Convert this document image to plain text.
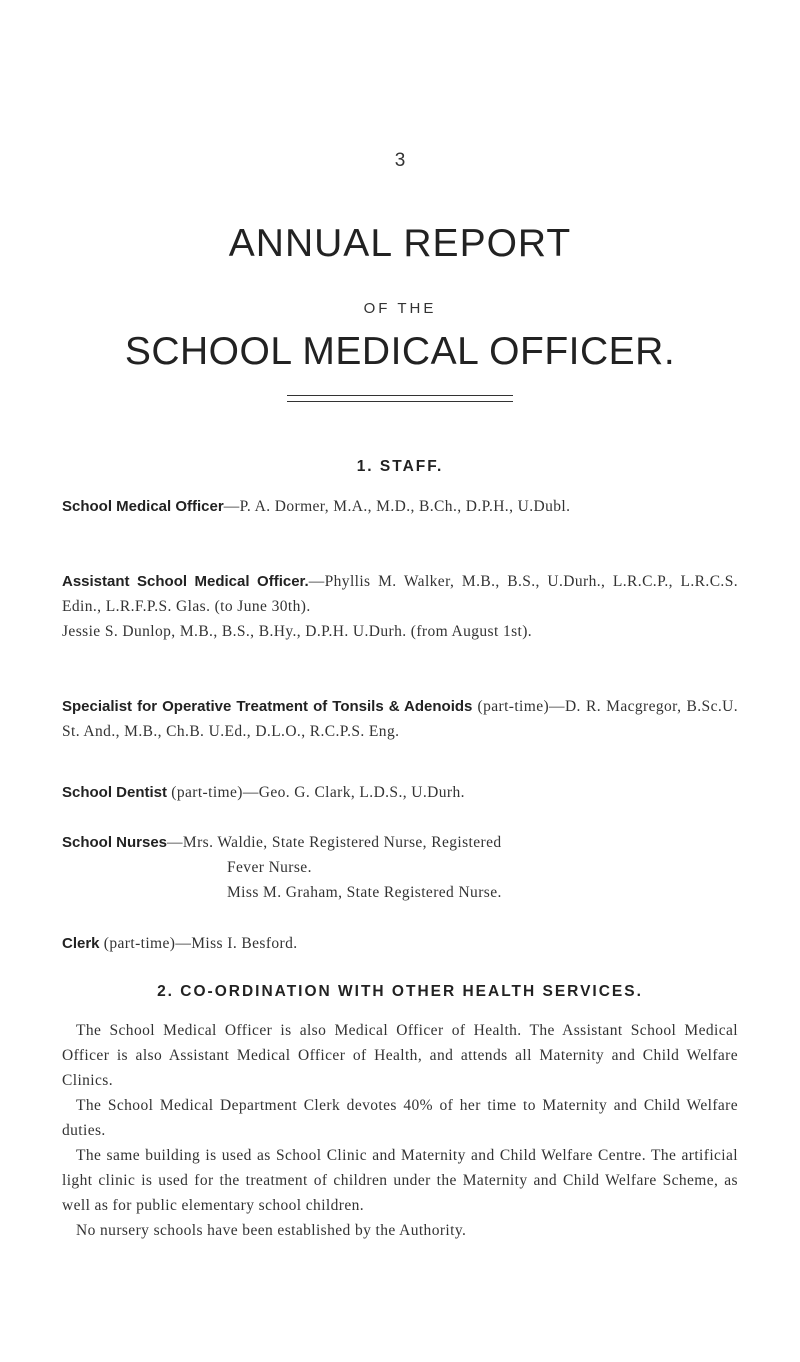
3
ANNUAL REPORT
OF THE
SCHOOL MEDICAL OFFICER.
1. STAFF.

School Medical Officer—P. A. Dormer, M.A., M.D., B.Ch., D.P.H., U.Dubl.

Assistant School Medical Officer.—Phyllis M. Walker, M.B., B.S., U.Durh., L.R.C.P., L.R.C.S. Edin., L.R.F.P.S. Glas. (to June 30th).

Jessie S. Dunlop, M.B., B.S., B.Hy., D.P.H. U.Durh. (from August 1st).

Specialist for Operative Treatment of Tonsils & Adenoids (part-time)—D. R. Macgregor, B.Sc.U. St. And., M.B., Ch.B. U.Ed., D.L.O., R.C.P.S. Eng.

School Dentist (part-time)—Geo. G. Clark, L.D.S., U.Durh.

School Nurses—Mrs. Waldie, State Registered Nurse, Registered

Fever Nurse.

Miss M. Graham, State Registered Nurse.

Clerk (part-time)—Miss I. Besford.

2. CO-ORDINATION WITH OTHER HEALTH SERVICES.

The School Medical Officer is also Medical Officer of Health. The Assistant School Medical Officer is also Assistant Medical Officer of Health, and attends all Maternity and Child Welfare Clinics.

The School Medical Department Clerk devotes 40% of her time to Maternity and Child Welfare duties.

The same building is used as School Clinic and Maternity and Child Welfare Centre. The artificial light clinic is used for the treatment of children under the Maternity and Child Welfare Scheme, as well as for public elementary school children.

No nursery schools have been established by the Authority.
